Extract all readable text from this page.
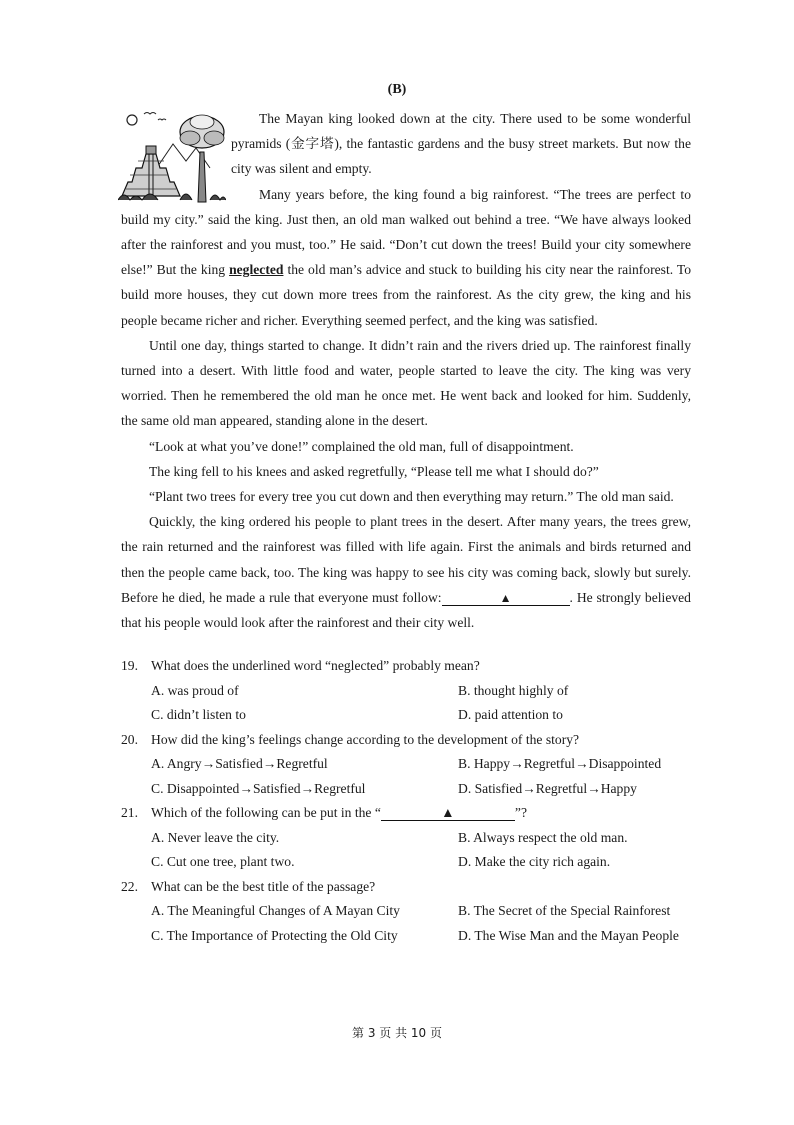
(B)

The Mayan king looked down at the city. There used to be some wonderful pyramids (金字塔), the fantastic gardens and the busy street markets. But now the city was silent and empty.

Many years before, the king found a big rainforest. “The trees are perfect to build my city.” said the king. Just then, an old man walked out behind a tree. “We have always looked after the rainforest and you must, too.” He said. “Don’t cut down the trees! Build your city somewhere else!” But the king neglected the old man’s advice and stuck to building his city near the rainforest. To build more houses, they cut down more trees from the rainforest. As the city grew, the king and his people became richer and richer. Everything seemed perfect, and the king was satisfied.

Until one day, things started to change. It didn’t rain and the rivers dried up. The rainforest finally turned into a desert. With little food and water, people started to leave the city. The king was very worried. Then he remembered the old man he once met. He went back and looked for him. Suddenly, the same old man appeared, standing alone in the desert.

“Look at what you’ve done!” complained the old man, full of disappointment.

The king fell to his knees and asked regretfully, “Please tell me what I should do?”

“Plant two trees for every tree you cut down and then everything may return.” The old man said.

Quickly, the king ordered his people to plant trees in the desert. After many years, the trees grew, the rain returned and the rainforest was filled with life again. First the animals and birds returned and then the people came back, too. The king was happy to see his city was coming back, slowly but surely. Before he died, he made a rule that everyone must follow:	▲	. He strongly believed that his people would look after the rainforest and their city well.

19. What does the underlined word “neglected” probably mean?
A. was proud of	B. thought highly of
C. didn’t listen to	D. paid attention to
20. How did the king’s feelings change according to the development of the story?
A. Angry→Satisfied→Regretful	B. Happy→Regretful→Disappointed
C. Disappointed→Satisfied→Regretful	D. Satisfied→Regretful→Happy
21. Which of the following can be put in the “	▲	”?
A. Never leave the city.	B. Always respect the old man.
C. Cut one tree, plant two.	D. Make the city rich again.
22. What can be the best title of the passage?
A. The Meaningful Changes of A Mayan City	B. The Secret of the Special Rainforest
C. The Importance of Protecting the Old City	D. The Wise Man and the Mayan People
第 3 页 共 10 页
